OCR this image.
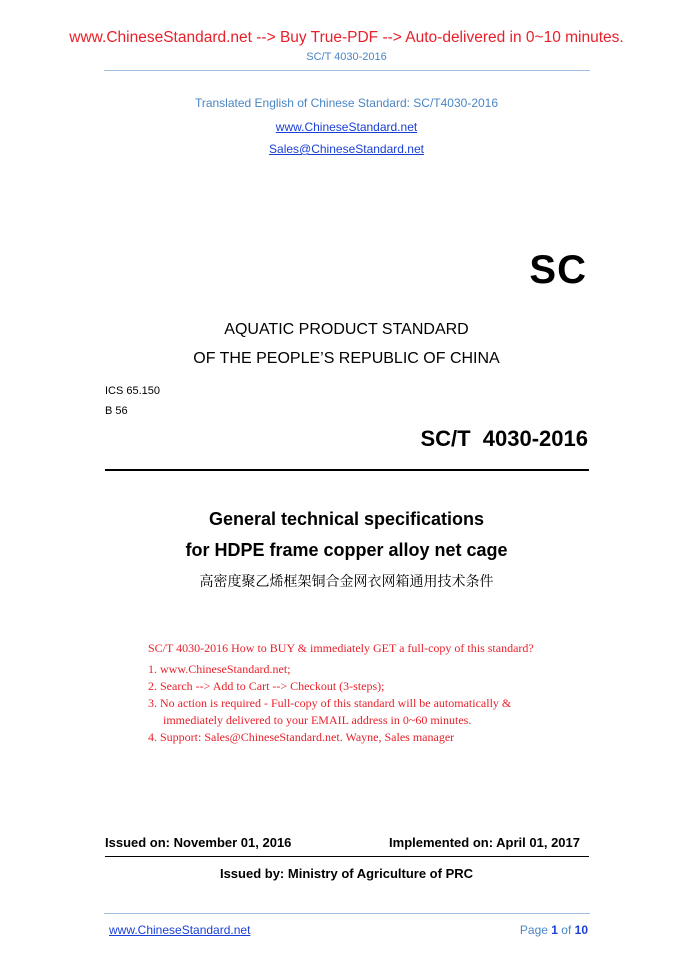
www.ChineseStandard.net --> Buy True-PDF --> Auto-delivered in 0~10 minutes.
SC/T 4030-2016
Translated English of Chinese Standard: SC/T4030-2016
www.ChineseStandard.net
Sales@ChineseStandard.net
SC
AQUATIC PRODUCT STANDARD
OF THE PEOPLE’S REPUBLIC OF CHINA
ICS 65.150
B 56
SC/T  4030-2016
General technical specifications
for HDPE frame copper alloy net cage
高密度聚乙烯框架铜合金网衣网箱通用技术条件
SC/T 4030-2016 How to BUY & immediately GET a full-copy of this standard?
1. www.ChineseStandard.net;
2. Search --> Add to Cart --> Checkout (3-steps);
3. No action is required - Full-copy of this standard will be automatically &
immediately delivered to your EMAIL address in 0~60 minutes.
4. Support: Sales@ChineseStandard.net. Wayne, Sales manager
Issued on: November 01, 2016	Implemented on: April 01, 2017
Issued by: Ministry of Agriculture of PRC
www.ChineseStandard.net	Page 1 of 10
